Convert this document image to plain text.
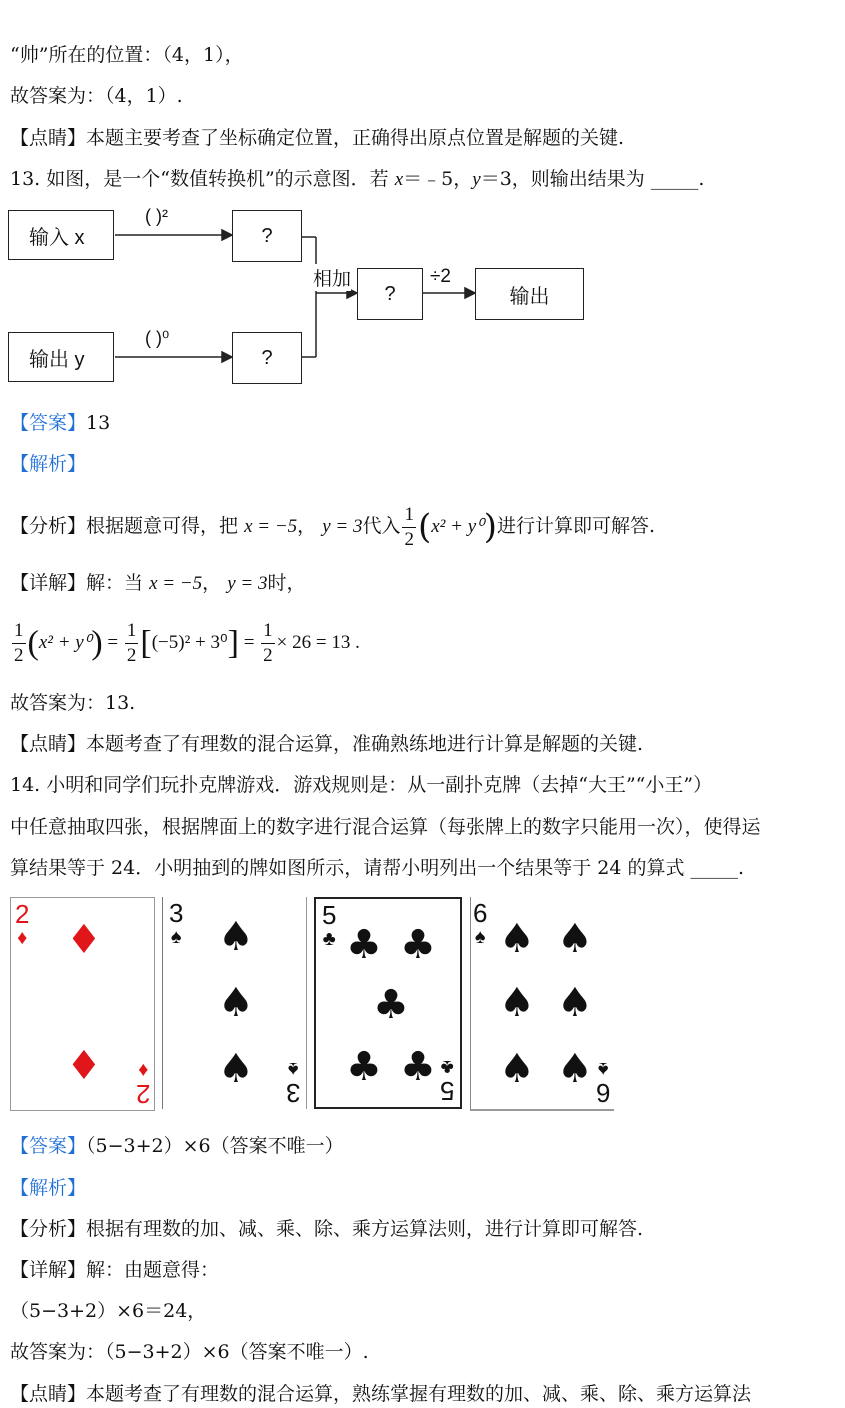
“帅”所在的位置：（4，1），
故答案为：（4，1）.
【点睛】本题主要考查了坐标确定位置，正确得出原点位置是解题的关键.
13. 如图，是一个“数值转换机”的示意图．若 x＝﹣5，y＝3，则输出结果为 _____.
输入 x	?
输出 y	?
?	输出
( )²
( )⁰
相加	÷2
【答案】13
【解析】
【分析】根据题意可得，把 x = −5， y = 3代入 $\frac{1}{2} (x^2 + y^0)$进行计算即可解答.
【详解】解：当 x = −5， y = 3时，
$\frac{1}{2} (x^2 + y^0) = \frac{1}{2} [(-5)^2 + 3^0] = \frac{1}{2} \times 26 = 13$ .
故答案为：13.
【点睛】本题考查了有理数的混合运算，准确熟练地进行计算是解题的关键.
14. 小明和同学们玩扑克牌游戏．游戏规则是：从一副扑克牌（去掉“大王”“小王”）
中任意抽取四张，根据牌面上的数字进行混合运算（每张牌上的数字只能用一次），使得运
算结果等于 24．小明抽到的牌如图所示，请帮小明列出一个结果等于 24 的算式 _____.
2
♦ ♦
♦
2
♦
3
♠ ♠
♠
♠
3
♠
5
♣ ♣ ♣
♣
♣ ♣
5
♣
6
♠ ♠ ♠
♠ ♠
♠ ♠
6
♠
【答案】（5−3+2）×6（答案不唯一）
【解析】
【分析】根据有理数的加、减、乘、除、乘方运算法则，进行计算即可解答.
【详解】解：由题意得：
（5−3+2）×6＝24，
故答案为：（5−3+2）×6（答案不唯一）.
【点睛】本题考查了有理数的混合运算，熟练掌握有理数的加、减、乘、除、乘方运算法
